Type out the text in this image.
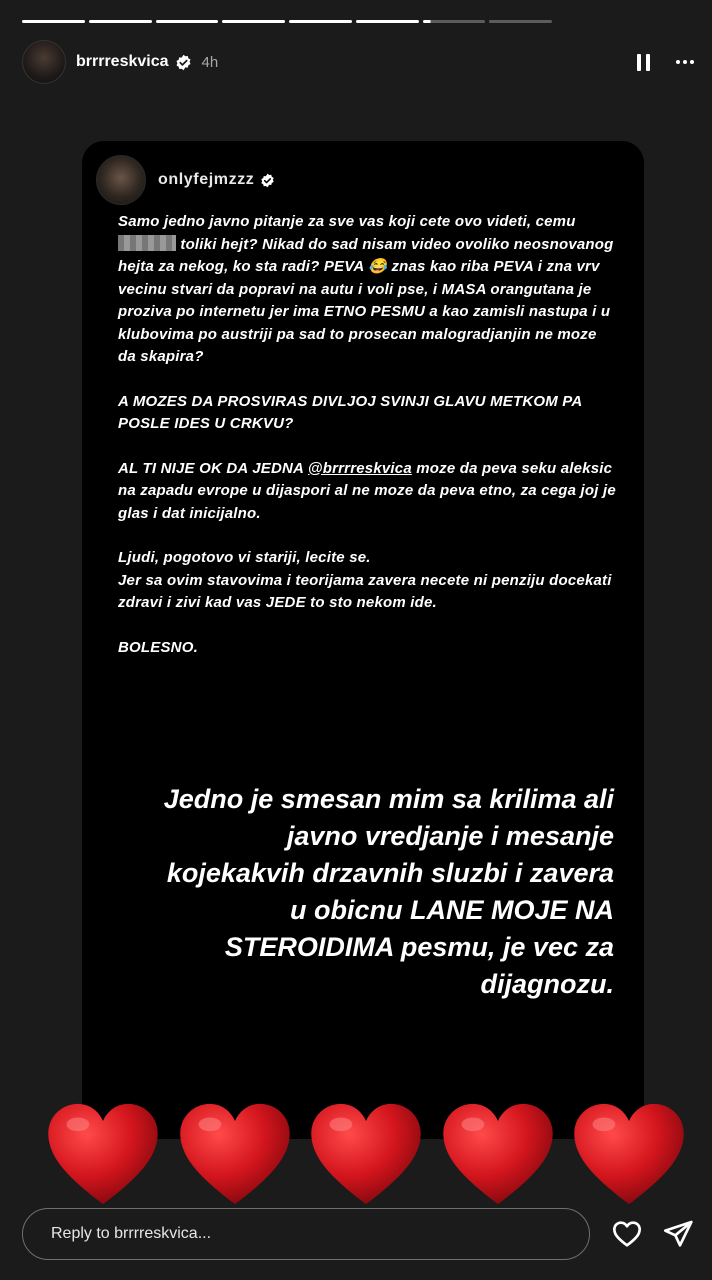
brrrreskvica 4h
onlyfejmzzz

Samo jedno javno pitanje za sve vas koji cete ovo videti, cemu  toliki hejt? Nikad do sad nisam video ovoliko neosnovanog hejta za nekog, ko sta radi? PEVA 😂 znas kao riba PEVA i zna vrv vecinu stvari da popravi na autu i voli pse, i MASA orangutana je proziva po internetu jer ima ETNO PESMU a kao zamisli nastupa i u klubovima po austriji pa sad to prosecan malogradjanjin ne moze da skapira?

A MOZES DA PROSVIRAS DIVLJOJ SVINJI GLAVU METKOM PA POSLE IDES U CRKVU?

AL TI NIJE OK DA JEDNA @brrrreskvica moze da peva seku aleksic na zapadu evrope u dijaspori al ne moze da peva etno, za cega joj je glas i dat inicijalno.

Ljudi, pogotovo vi stariji, lecite se.
Jer sa ovim stavovima i teorijama zavera necete ni penziju docekati zdravi i zivi kad vas JEDE to sto nekom ide.

BOLESNO.

Jedno je smesan mim sa krilima ali javno vredjanje i mesanje kojekakvih drzavnih sluzbi i zavera u obicnu LANE MOJE NA STEROIDIMA pesmu, je vec za dijagnozu.
Reply to brrrreskvica...
